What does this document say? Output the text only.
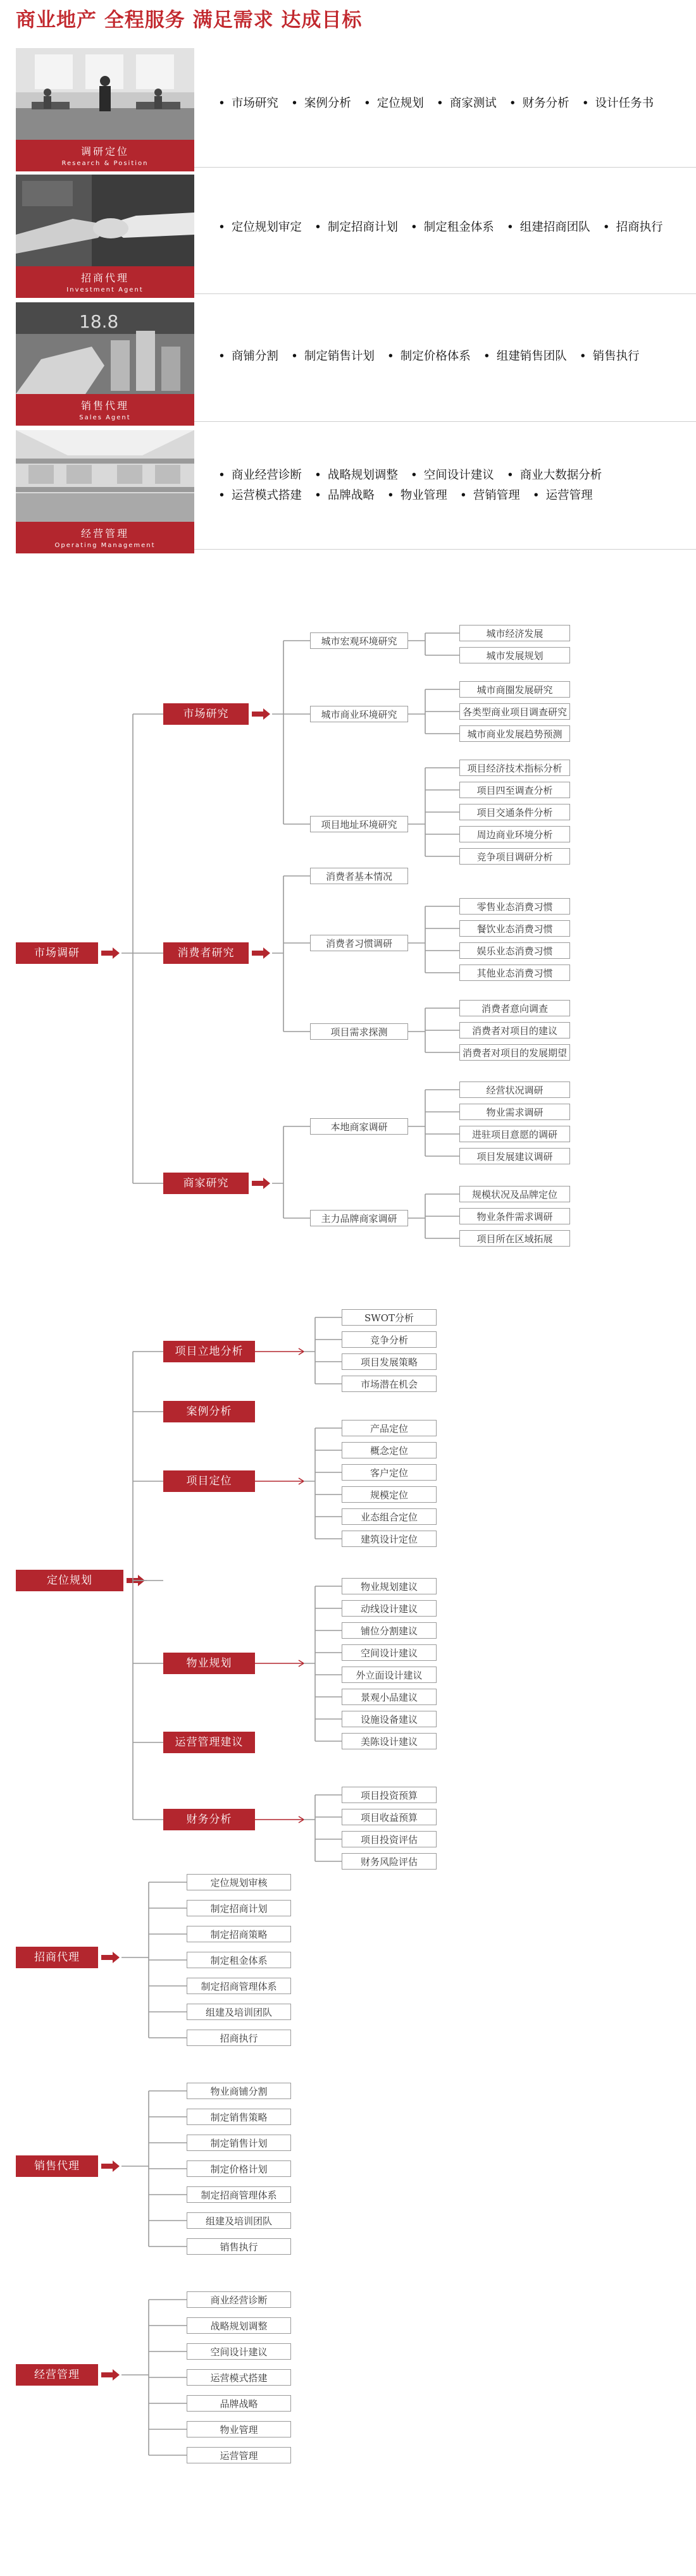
商业地产 全程服务 满足需求 达成目标
调研定位
Research & Position
• 市场研究 • 案例分析 • 定位规划 • 商家测试 • 财务分析 • 设计任务书
招商代理
Investment Agent
• 定位规划审定 • 制定招商计划 • 制定租金体系 • 组建招商团队 • 招商执行
18.8
销售代理
Sales Agent
• 商铺分割 • 制定销售计划 • 制定价格体系 • 组建销售团队 • 销售执行
经营管理
Operating Management
• 商业经营诊断 • 战略规划调整 • 空间设计建议 • 商业大数据分析• 运营模式搭建 • 品牌战略 • 物业管理 • 营销管理 • 运营管理
市场调研
市场研究
消费者研究
商家研究
城市宏观环境研究
城市商业环境研究
项目地址环境研究
消费者基本情况
消费者习惯调研
项目需求探测
本地商家调研
主力品牌商家调研
城市经济发展
城市发展规划
城市商圈发展研究
各类型商业项目调查研究
城市商业发展趋势预测
项目经济技术指标分析
项目四至调查分析
项目交通条件分析
周边商业环境分析
竞争项目调研分析
零售业态消费习惯
餐饮业态消费习惯
娱乐业态消费习惯
其他业态消费习惯
消费者意向调查
消费者对项目的建议
消费者对项目的发展期望
经营状况调研
物业需求调研
进驻项目意愿的调研
项目发展建议调研
规模状况及品牌定位
物业条件需求调研
项目所在区域拓展
定位规划
项目立地分析
案例分析
项目定位
物业规划
运营管理建议
财务分析
SWOT分析
竞争分析
项目发展策略
市场潜在机会
产品定位
概念定位
客户定位
规模定位
业态组合定位
建筑设计定位
物业规划建议
动线设计建议
铺位分割建议
空间设计建议
外立面设计建议
景观小品建议
设施设备建议
美陈设计建议
项目投资预算
项目收益预算
项目投资评估
财务风险评估
招商代理
定位规划审核
制定招商计划
制定招商策略
制定租金体系
制定招商管理体系
组建及培训团队
招商执行
销售代理
物业商铺分割
制定销售策略
制定销售计划
制定价格计划
制定招商管理体系
组建及培训团队
销售执行
经营管理
商业经营诊断
战略规划调整
空间设计建议
运营模式搭建
品牌战略
物业管理
运营管理
